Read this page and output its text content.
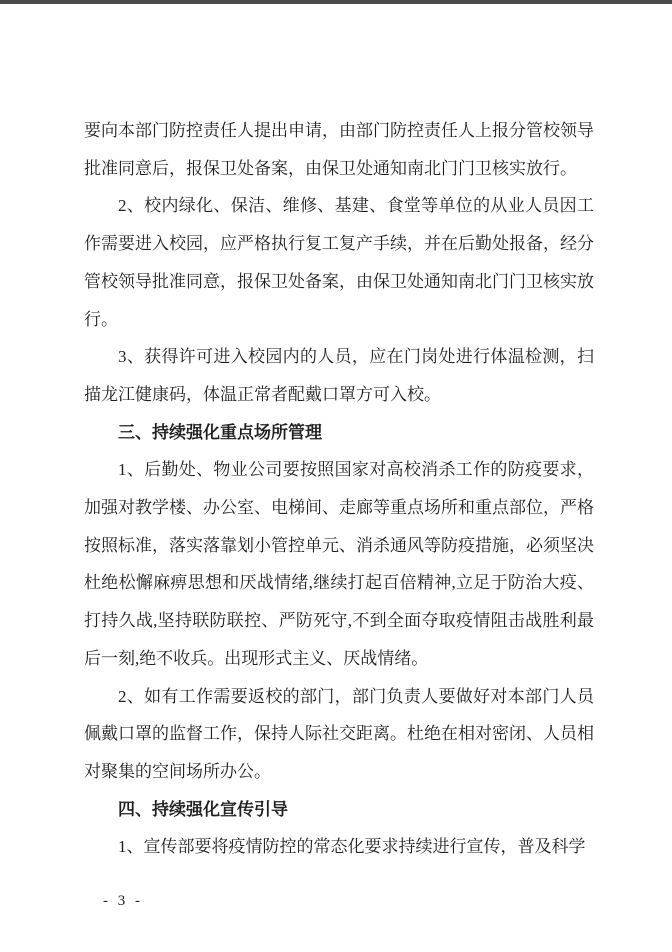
要向本部门防控责任人提出申请，由部门防控责任人上报分管校领导批准同意后，报保卫处备案，由保卫处通知南北门门卫核实放行。

2、校内绿化、保洁、维修、基建、食堂等单位的从业人员因工作需要进入校园，应严格执行复工复产手续，并在后勤处报备，经分管校领导批准同意，报保卫处备案，由保卫处通知南北门门卫核实放行。

3、获得许可进入校园内的人员，应在门岗处进行体温检测，扫描龙江健康码，体温正常者配戴口罩方可入校。

三、持续强化重点场所管理

1、后勤处、物业公司要按照国家对高校消杀工作的防疫要求，加强对教学楼、办公室、电梯间、走廊等重点场所和重点部位，严格按照标准，落实落靠划小管控单元、消杀通风等防疫措施，必须坚决杜绝松懈麻痹思想和厌战情绪,继续打起百倍精神,立足于防治大疫、打持久战,坚持联防联控、严防死守,不到全面夺取疫情阻击战胜利最后一刻,绝不收兵。出现形式主义、厌战情绪。

2、如有工作需要返校的部门，部门负责人要做好对本部门人员佩戴口罩的监督工作，保持人际社交距离。杜绝在相对密闭、人员相对聚集的空间场所办公。

四、持续强化宣传引导

1、宣传部要将疫情防控的常态化要求持续进行宣传，普及科学

- 3 -
